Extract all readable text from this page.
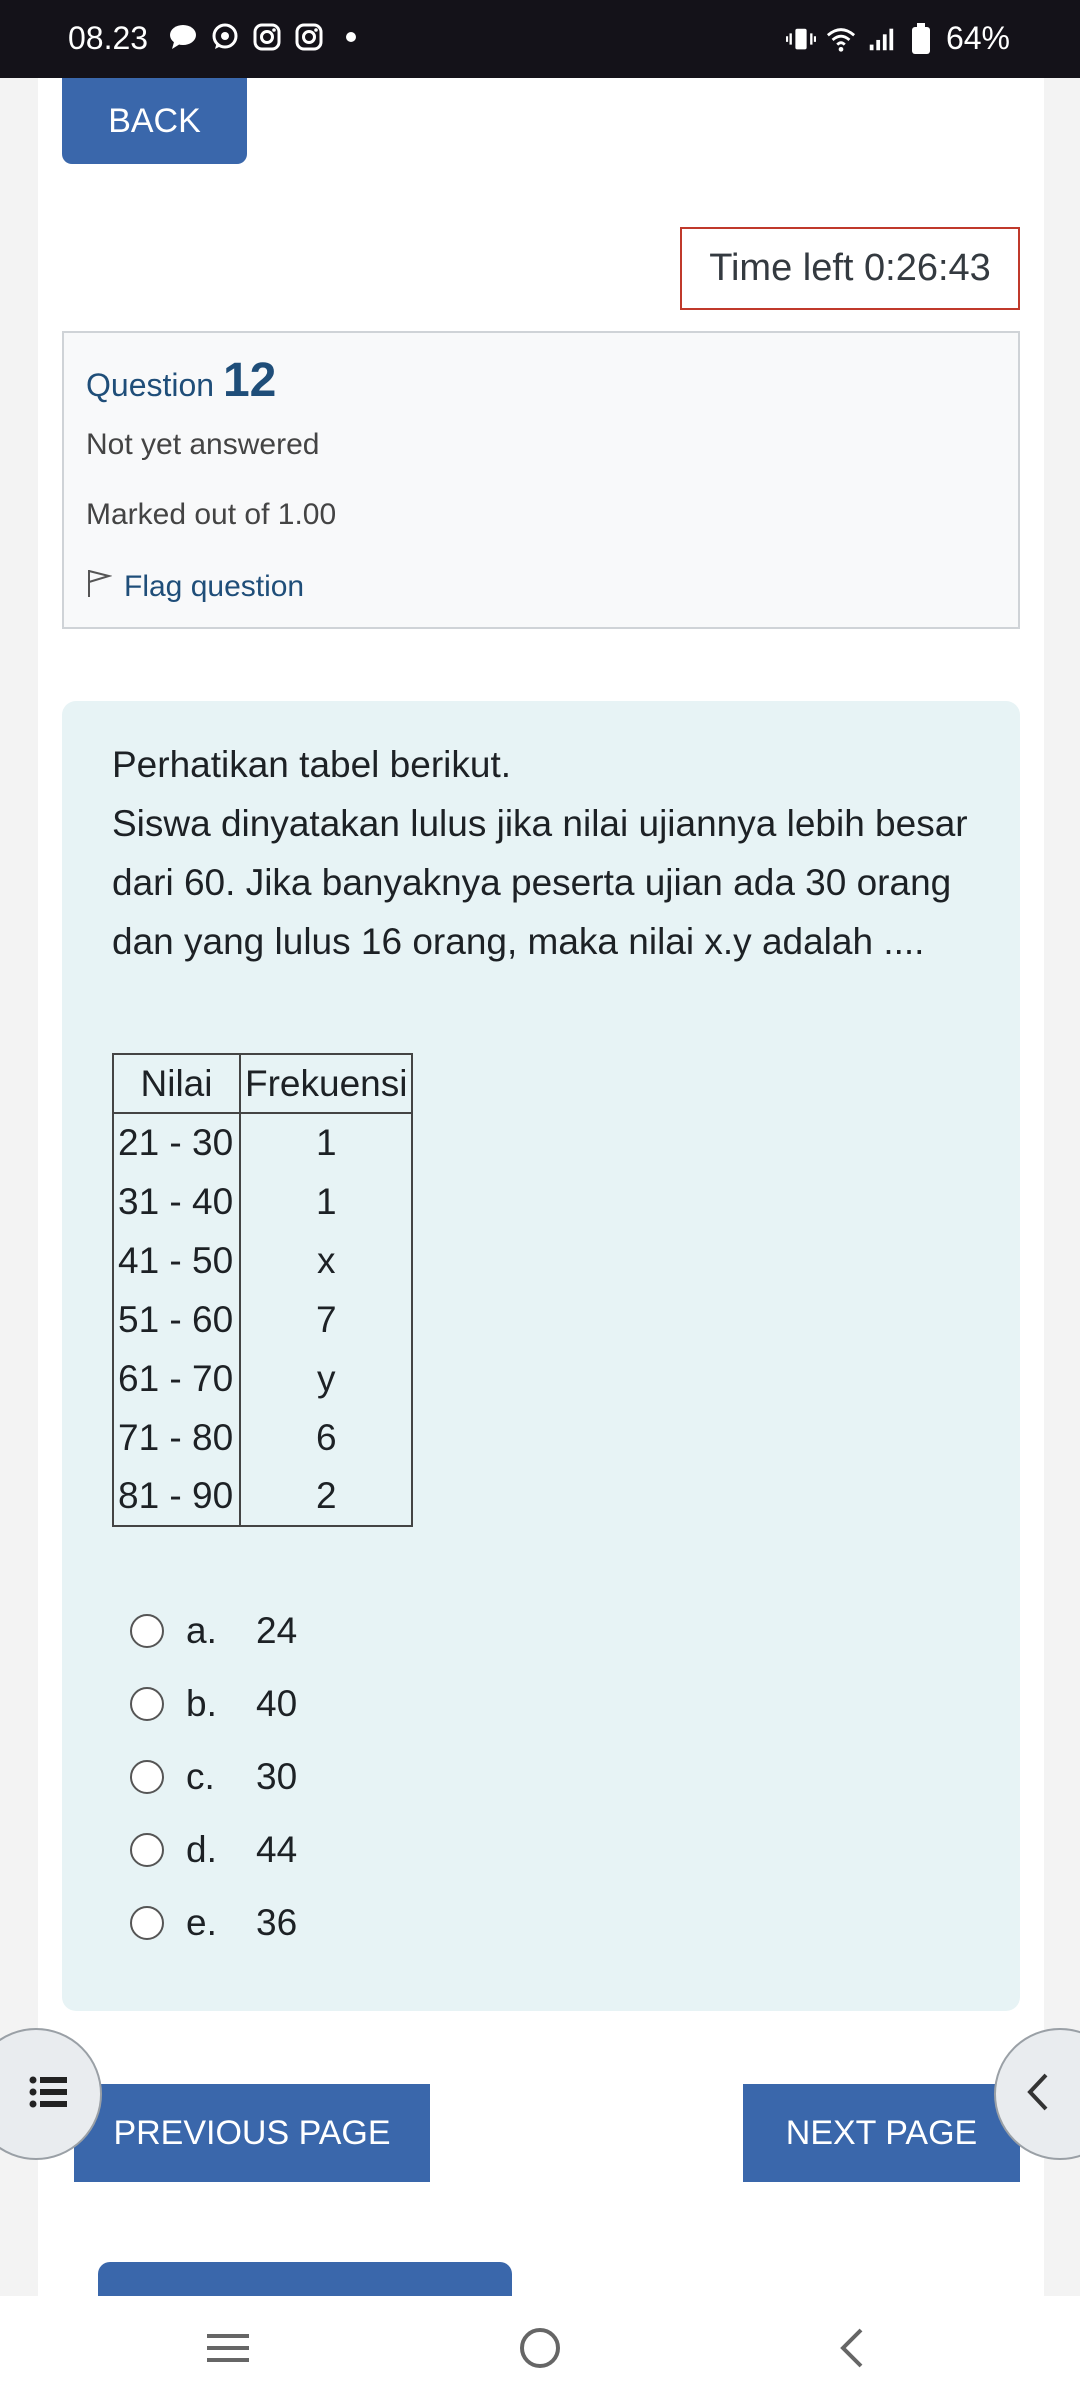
08.23	64%
BACK
Time left 0:26:43
Question 12
Not yet answered
Marked out of 1.00
Flag question
Perhatikan tabel berikut.
Siswa dinyatakan lulus jika nilai ujiannya lebih besar dari 60. Jika banyaknya peserta ujian ada 30 orang dan yang lulus 16 orang, maka nilai x.y adalah ....
Nilai	Frekuensi
21 - 30	1
31 - 40	1
41 - 50	x
51 - 60	7
61 - 70	y
71 - 80	6
81 - 90	2
a.	24
b.	40
c.	30
d.	44
e.	36
PREVIOUS PAGE	NEXT PAGE
